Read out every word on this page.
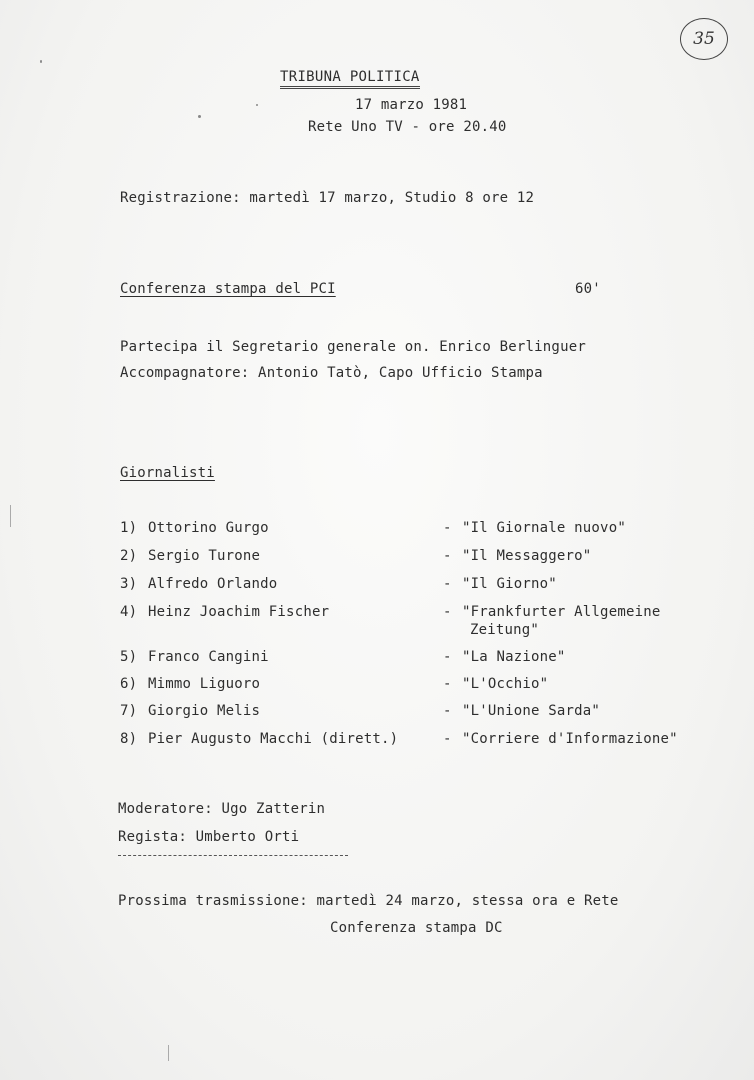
35
TRIBUNA POLITICA
17 marzo 1981
Rete Uno TV - ore 20.40
Registrazione: martedì 17 marzo, Studio 8 ore 12
Conferenza stampa del PCI	60'
Partecipa il Segretario generale on. Enrico Berlinguer
Accompagnatore: Antonio Tatò, Capo Ufficio Stampa
Giornalisti
1) Ottorino Gurgo	- "Il Giornale nuovo"
2) Sergio Turone	- "Il Messaggero"
3) Alfredo Orlando	- "Il Giorno"
4) Heinz Joachim Fischer	- "Frankfurter Allgemeine
Zeitung"
5) Franco Cangini	- "La Nazione"
6) Mimmo Liguoro	- "L'Occhio"
7) Giorgio Melis	- "L'Unione Sarda"
8) Pier Augusto Macchi (dirett.)	- "Corriere d'Informazione"
Moderatore: Ugo Zatterin
Regista: Umberto Orti
Prossima trasmissione: martedì 24 marzo, stessa ora e Rete
Conferenza stampa DC
